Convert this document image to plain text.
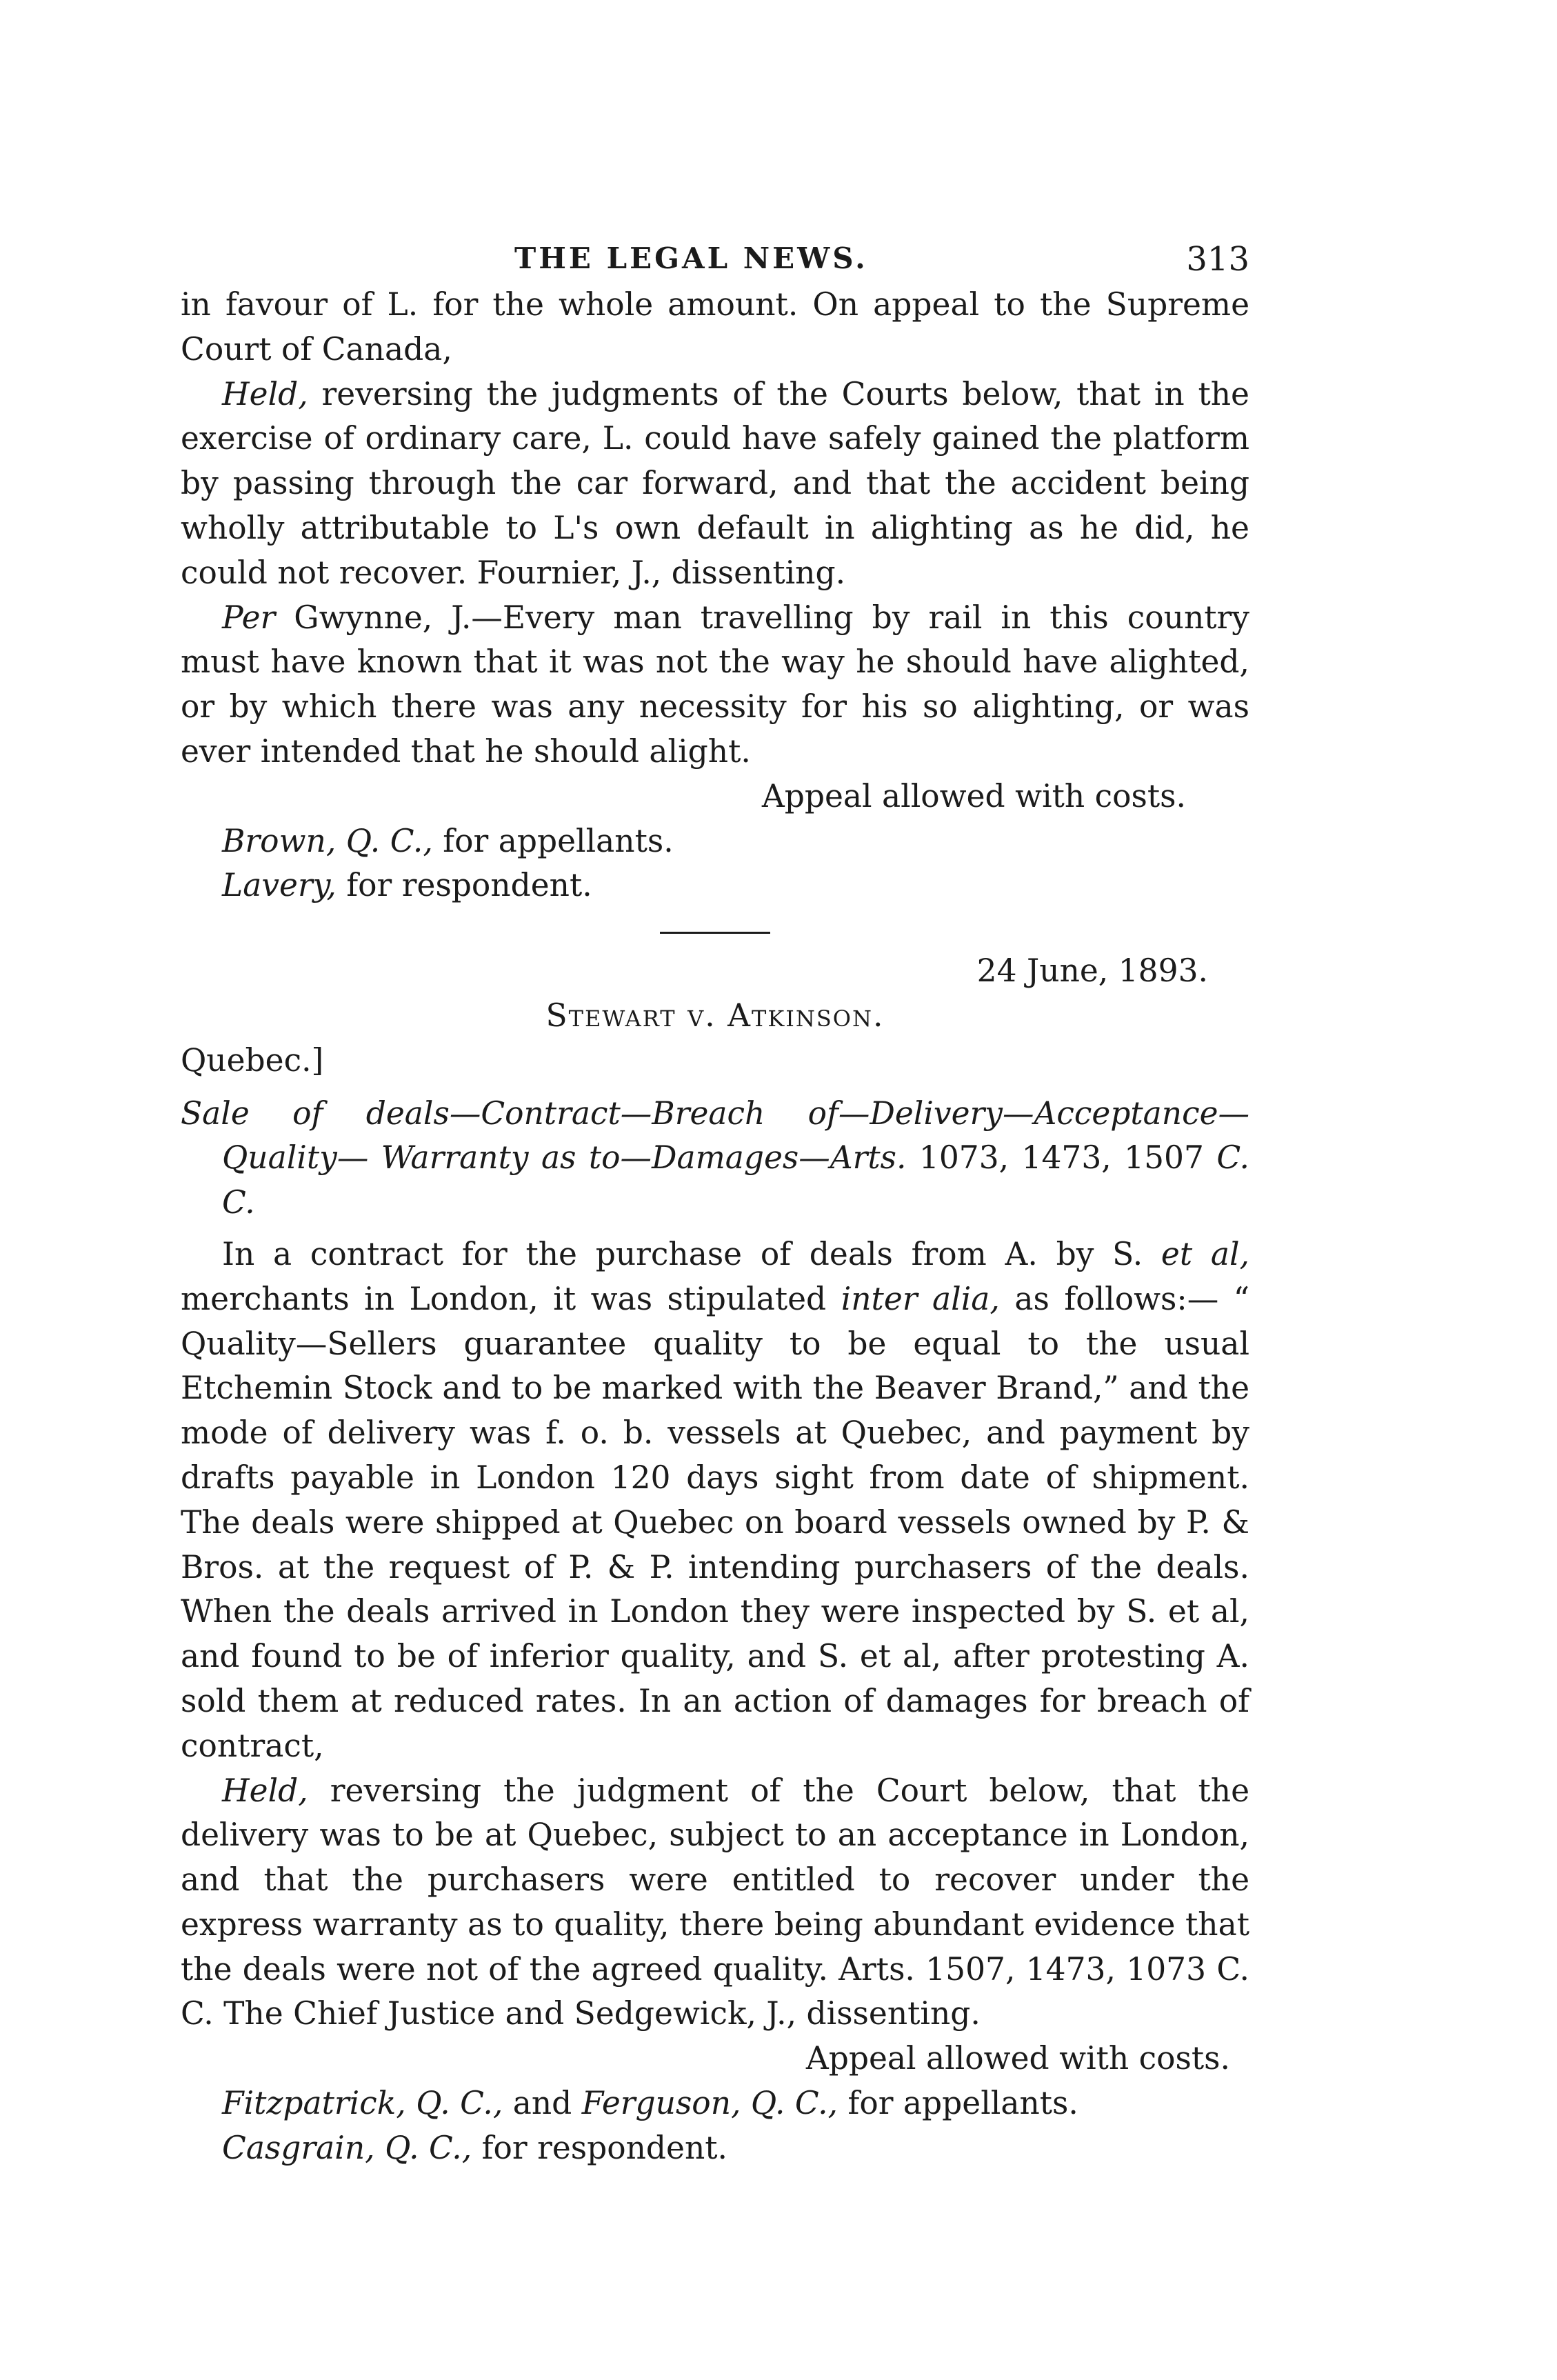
THE LEGAL NEWS.	313

in favour of L. for the whole amount. On appeal to the Supreme Court of Canada,

Held, reversing the judgments of the Courts below, that in the exercise of ordinary care, L. could have safely gained the platform by passing through the car forward, and that the accident being wholly attributable to L's own default in alighting as he did, he could not recover. Fournier, J., dissenting.

Per Gwynne, J.—Every man travelling by rail in this country must have known that it was not the way he should have alighted, or by which there was any necessity for his so alighting, or was ever intended that he should alight.

Appeal allowed with costs.

Brown, Q. C., for appellants.

Lavery, for respondent.

24 June, 1893.

Stewart v. Atkinson.

Quebec.]

Sale of deals—Contract—Breach of—Delivery—Acceptance—Quality— Warranty as to—Damages—Arts. 1073, 1473, 1507 C. C.

In a contract for the purchase of deals from A. by S. et al, merchants in London, it was stipulated inter alia, as follows:— “ Quality—Sellers guarantee quality to be equal to the usual Etchemin Stock and to be marked with the Beaver Brand,” and the mode of delivery was f. o. b. vessels at Quebec, and payment by drafts payable in London 120 days sight from date of shipment. The deals were shipped at Quebec on board vessels owned by P. & Bros. at the request of P. & P. intending purchasers of the deals. When the deals arrived in London they were inspected by S. et al, and found to be of inferior quality, and S. et al, after protesting A. sold them at reduced rates. In an action of damages for breach of contract,

Held, reversing the judgment of the Court below, that the delivery was to be at Quebec, subject to an acceptance in London, and that the purchasers were entitled to recover under the express warranty as to quality, there being abundant evidence that the deals were not of the agreed quality. Arts. 1507, 1473, 1073 C. C. The Chief Justice and Sedgewick, J., dissenting.

Appeal allowed with costs.

Fitzpatrick, Q. C., and Ferguson, Q. C., for appellants.

Casgrain, Q. C., for respondent.
